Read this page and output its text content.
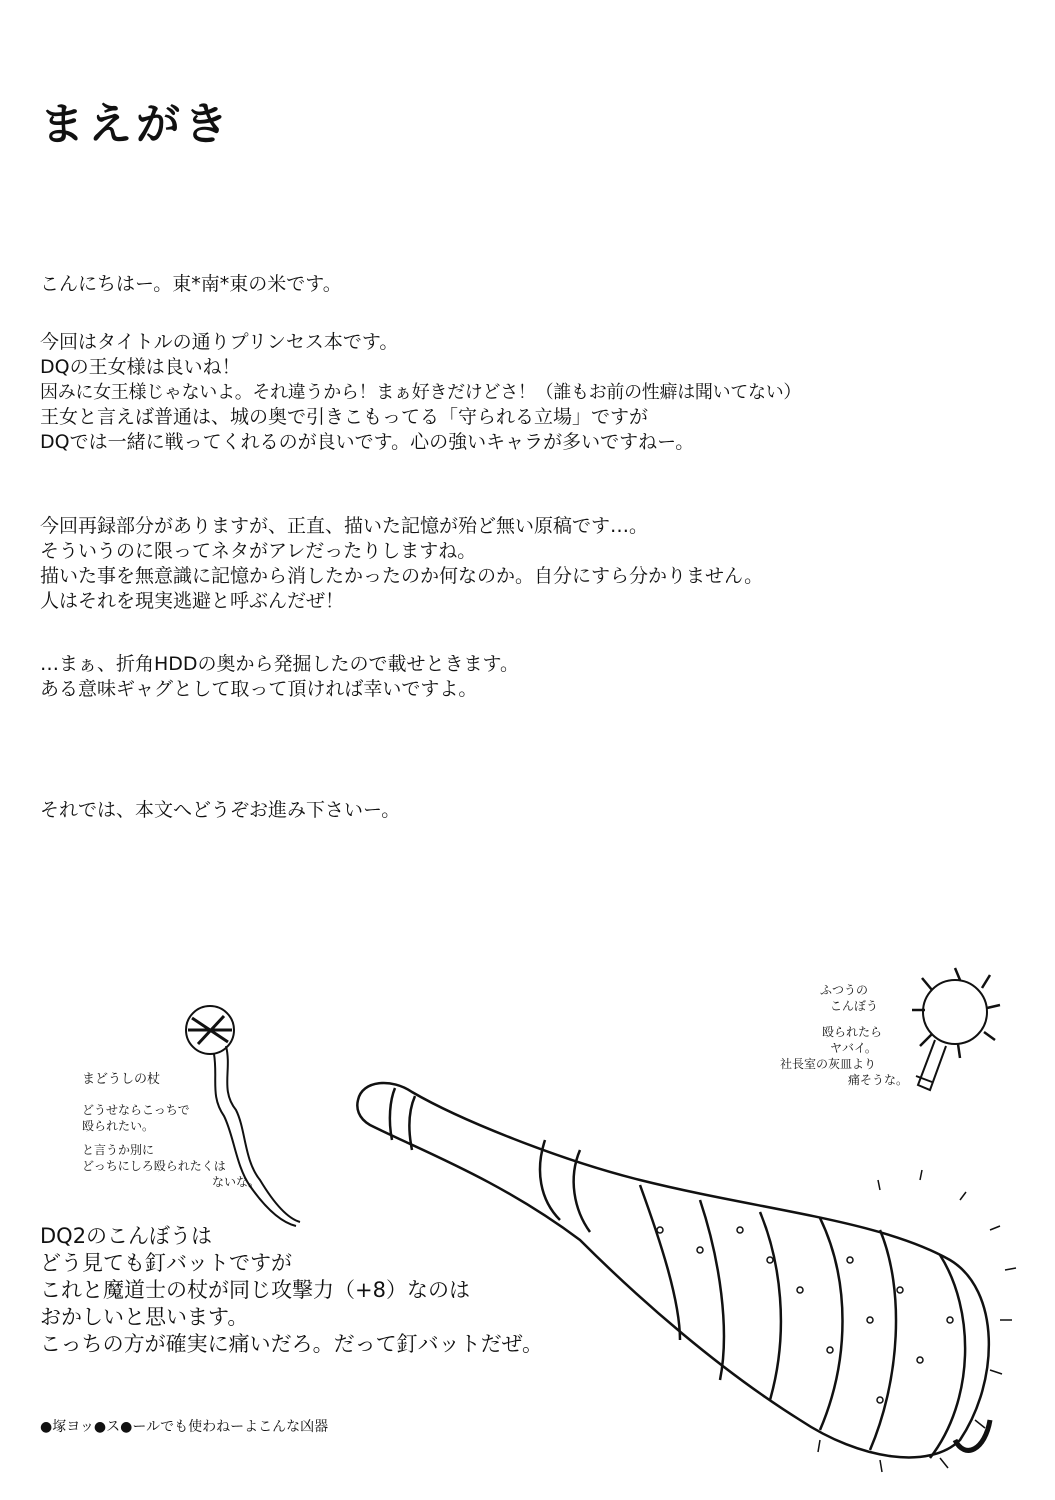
まえがき

こんにちはー。東*南*東の米です。

今回はタイトルの通りプリンセス本です。
DQの王女様は良いね！
因みに女王様じゃないよ。それ違うから！まぁ好きだけどさ！（誰もお前の性癖は聞いてない）
王女と言えば普通は、城の奥で引きこもってる「守られる立場」ですが
DQでは一緒に戦ってくれるのが良いです。心の強いキャラが多いですねー。

今回再録部分がありますが、正直、描いた記憶が殆ど無い原稿です…。
そういうのに限ってネタがアレだったりしますね。
描いた事を無意識に記憶から消したかったのか何なのか。自分にすら分かりません。
人はそれを現実逃避と呼ぶんだぜ！

…まぁ、折角HDDの奥から発掘したので載せときます。
ある意味ギャグとして取って頂ければ幸いですよ。

それでは、本文へどうぞお進み下さいー。

まどうしの杖
どうせならこっちで
殴られたい。
と言うか別に
どっちにしろ殴られたくは
ないな。
ふつうの
こんぼう
殴られたら
ヤバイ。
社長室の灰皿より
痛そうな。
DQ2のこんぼうは
どう見ても釘バットですが
これと魔道士の杖が同じ攻撃力（+8）なのは
おかしいと思います。
こっちの方が確実に痛いだろ。だって釘バットだぜ。
●塚ヨッ●ス●ールでも使わねーよこんな凶器
